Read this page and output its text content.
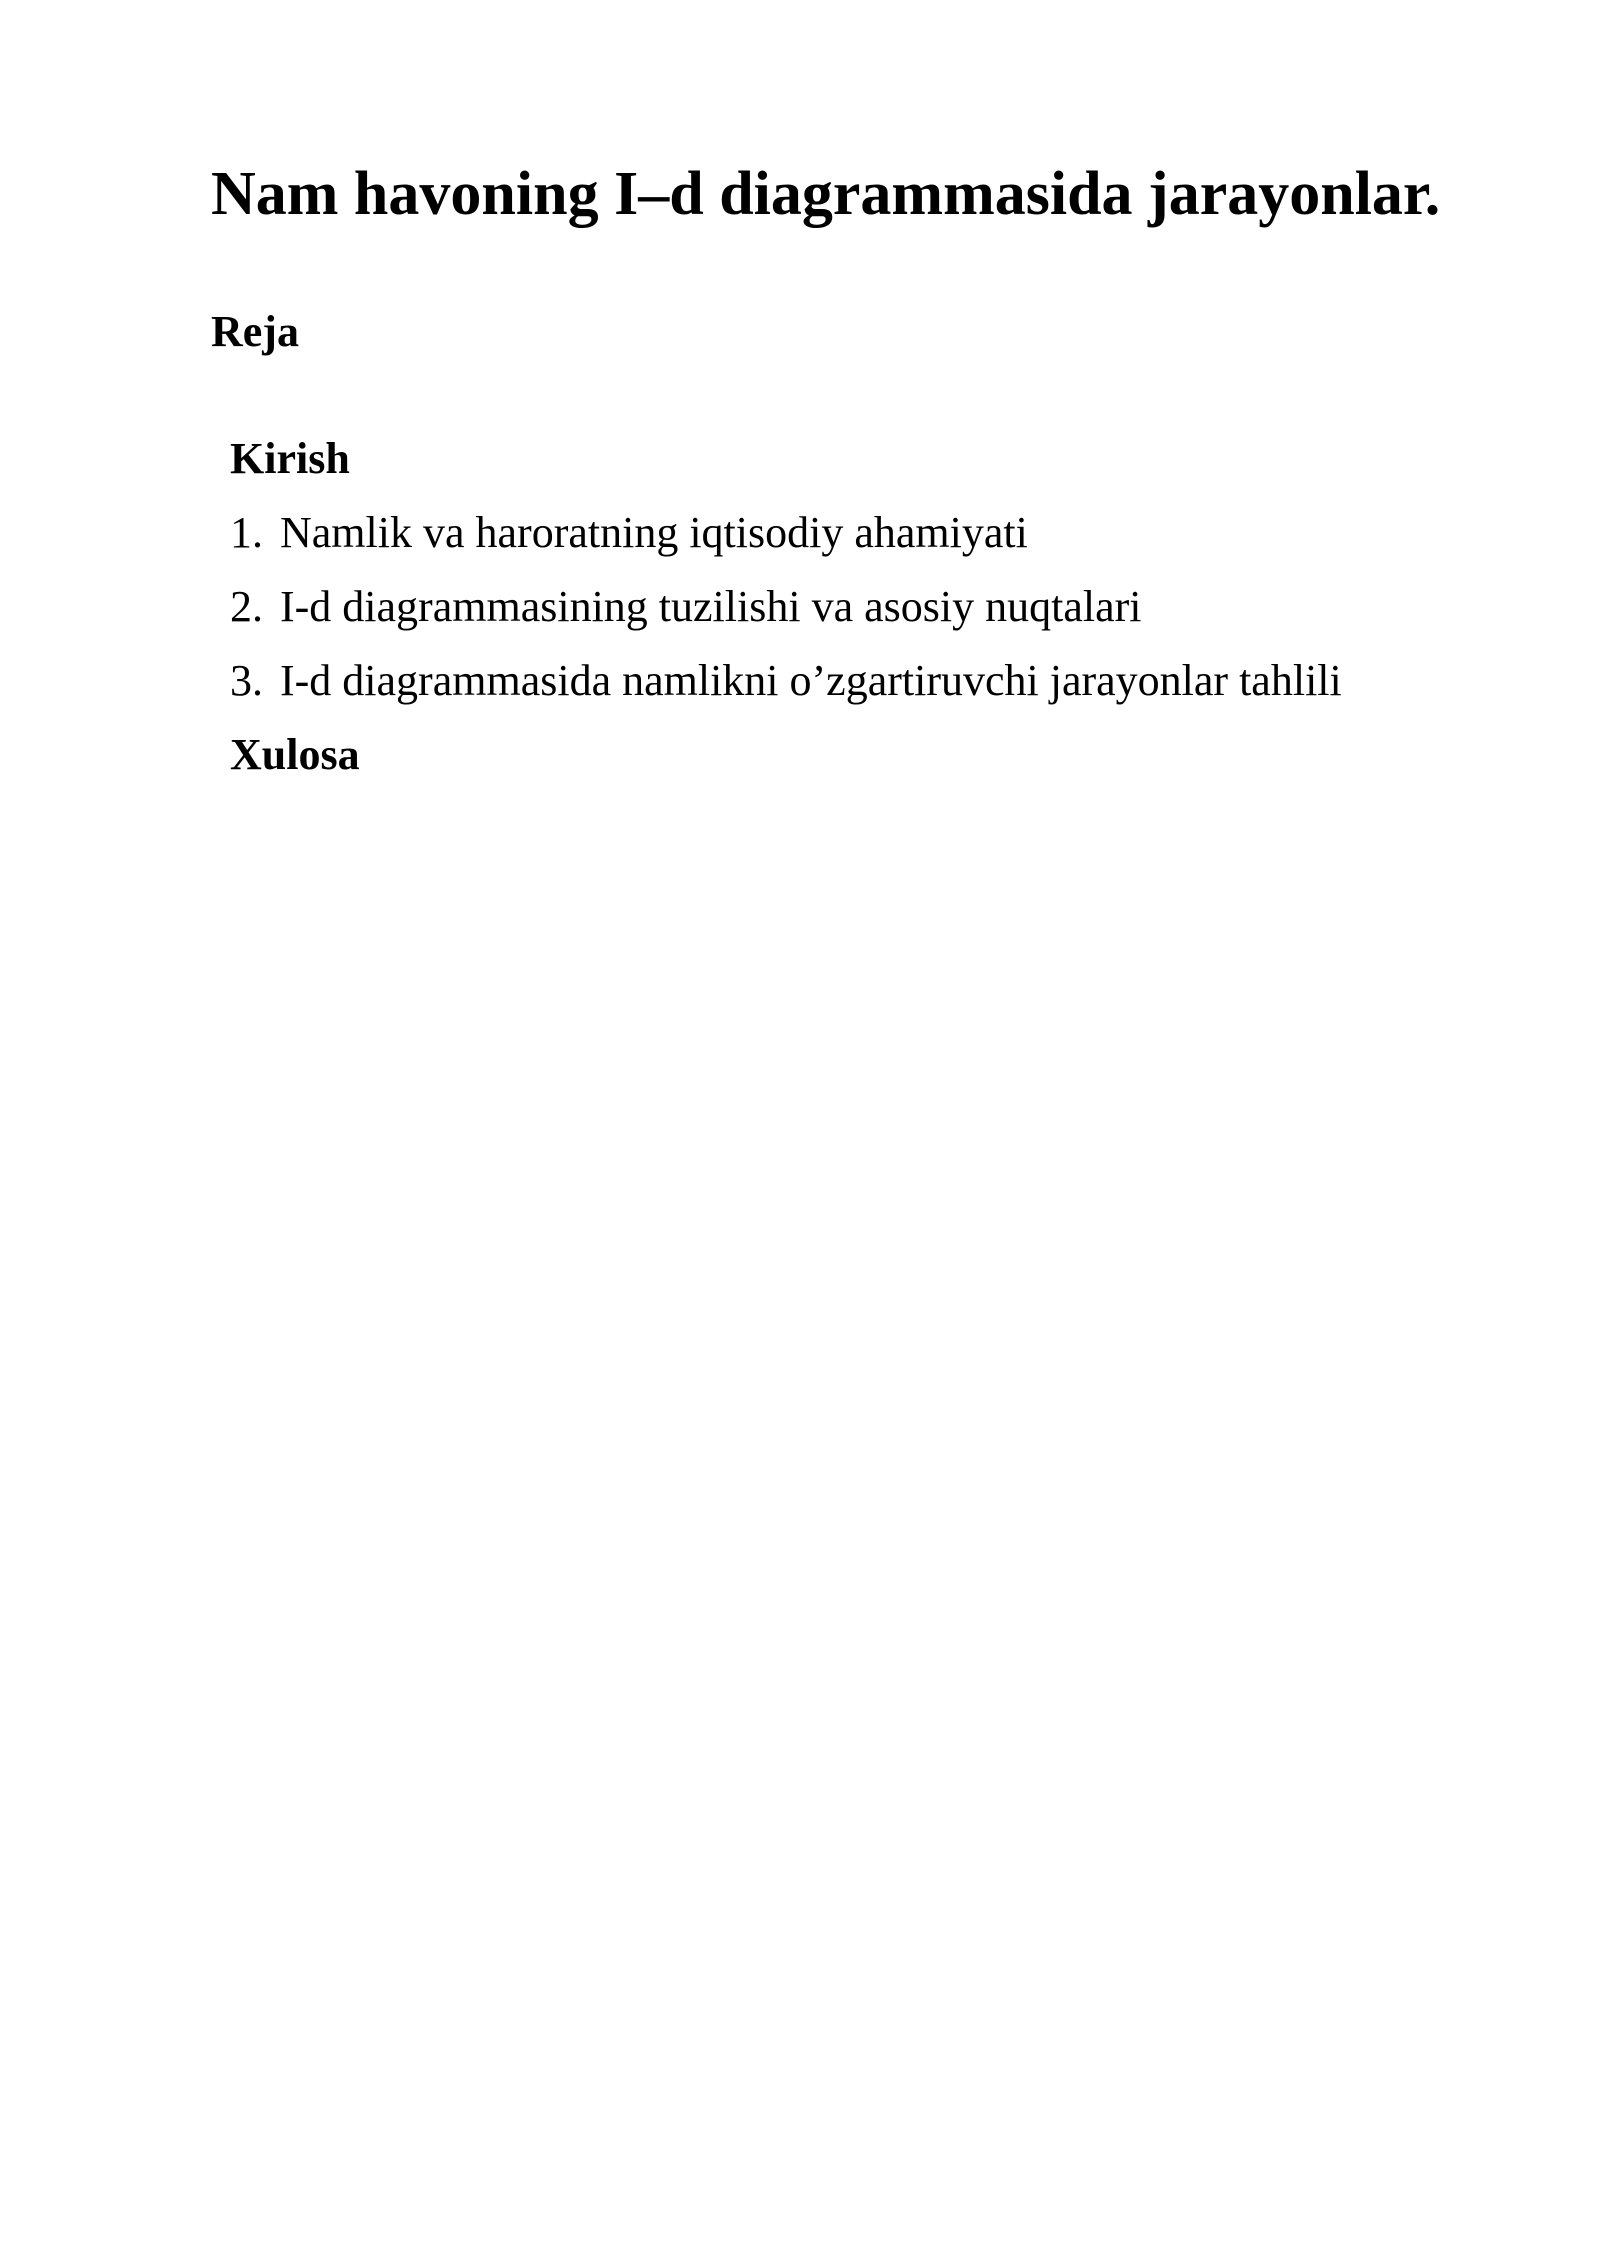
Nam havoning I–d diagrammasida jarayonlar.
Reja
Kirish
1. Namlik va haroratning iqtisodiy ahamiyati
2. I-d diagrammasining tuzilishi va asosiy nuqtalari
3. I-d diagrammasida namlikni o’zgartiruvchi jarayonlar tahlili
Xulosa
